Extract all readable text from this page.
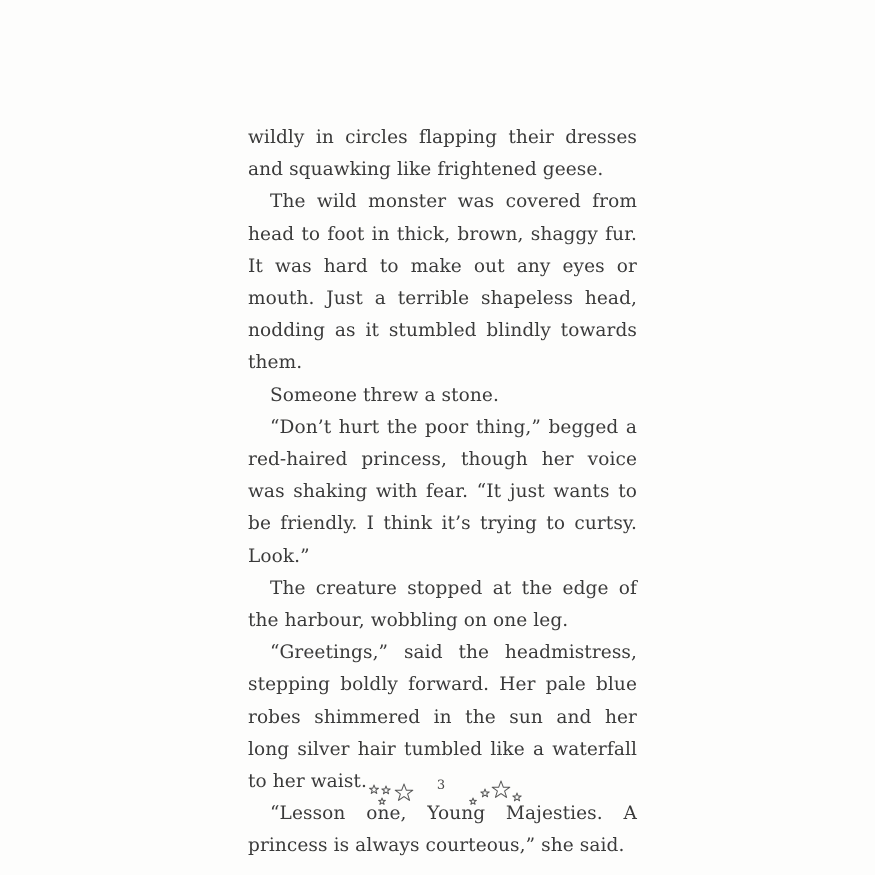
wildly in circles flapping their dresses and squawking like frightened geese.

The wild monster was covered from head to foot in thick, brown, shaggy fur. It was hard to make out any eyes or mouth. Just a terrible shapeless head, nodding as it stumbled blindly towards them.

Someone threw a stone.

“Don’t hurt the poor thing,” begged a red-haired princess, though her voice was shaking with fear. “It just wants to be friendly. I think it’s trying to curtsy. Look.”

The creature stopped at the edge of the harbour, wobbling on one leg.

“Greetings,” said the headmistress, stepping boldly forward. Her pale blue robes shimmered in the sun and her long silver hair tumbled like a waterfall to her waist.

“Lesson one, Young Majesties. A princess is always courteous,” she said.

3
